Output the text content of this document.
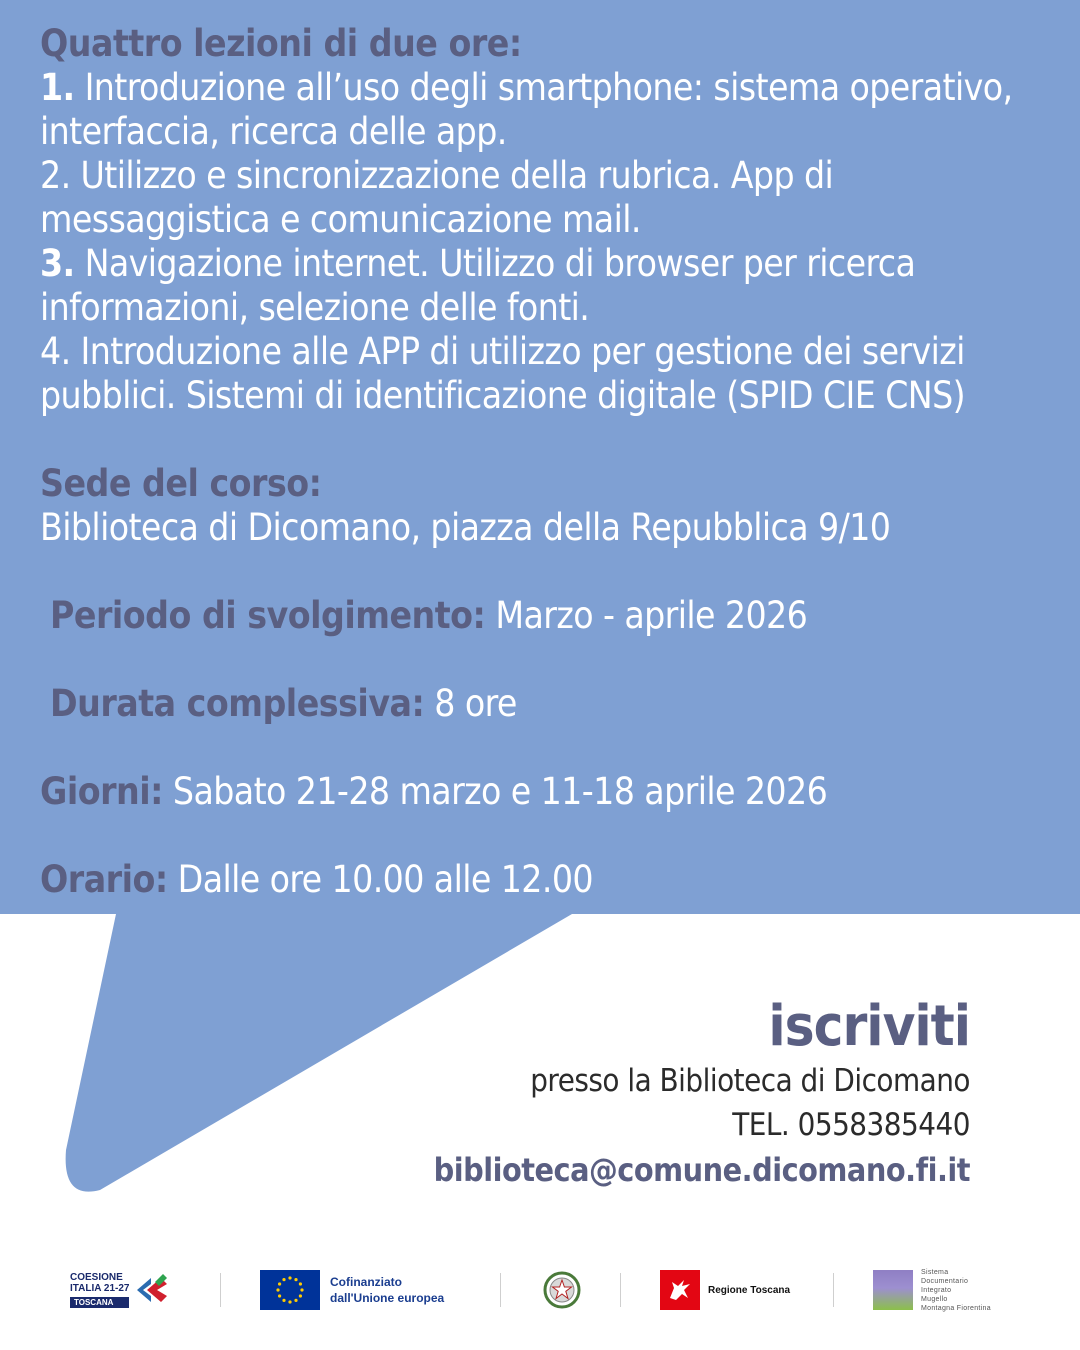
Quattro lezioni di due ore:
1. Introduzione all’uso degli smartphone: sistema operativo,
interfaccia, ricerca delle app.
2. Utilizzo e sincronizzazione della rubrica. App di
messaggistica e comunicazione mail.
3. Navigazione internet. Utilizzo di browser per ricerca
informazioni, selezione delle fonti.
4. Introduzione alle APP di utilizzo per gestione dei servizi
pubblici. Sistemi di identificazione digitale (SPID CIE CNS)
Sede del corso:
Biblioteca di Dicomano, piazza della Repubblica 9/10
Periodo di svolgimento: Marzo - aprile 2026
Durata complessiva: 8 ore
Giorni: Sabato 21-28 marzo e 11-18 aprile 2026
Orario: Dalle ore 10.00 alle 12.00
iscriviti
presso la Biblioteca di Dicomano
TEL. 0558385440
biblioteca@comune.dicomano.fi.it
COESIONE
ITALIA 21-27
TOSCANA
Cofinanziato
dall'Unione europea
Regione Toscana
Sistema
Documentario
Integrato
Mugello
Montagna Fiorentina
